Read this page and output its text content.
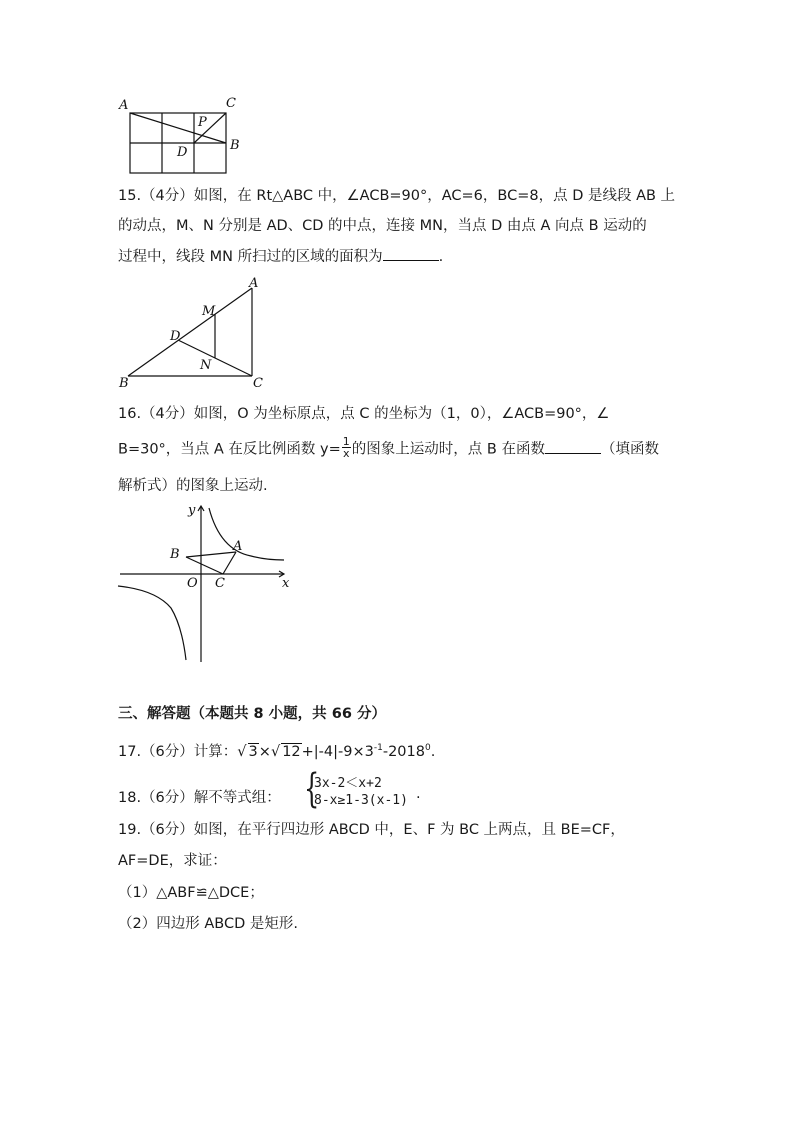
A	C
P
D	B
15.（4分）如图，在 Rt△ABC 中，∠ACB=90°，AC=6，BC=8，点 D 是线段 AB 上
的动点，M、N 分别是 AD、CD 的中点，连接 MN，当点 D 由点 A 向点 B 运动的
过程中，线段 MN 所扫过的区域的面积为	.
A
M
D
N
B	C
16.（4分）如图，O 为坐标原点，点 C 的坐标为（1，0），∠ACB=90°，∠
B=30°，当点 A 在反比例函数 $y= \frac{1}{x}$ 的图象上运动时，点 B 在函数	（填函数
解析式）的图象上运动.
y
x
O
A
B
C
三、解答题（本题共 8 小题，共 66 分）
17.（6分）计算：√ 3×√ $12+|-4|-9\times 3^{-1}-2018^0$.
18.（6分）解不等式组： {
3x-2＜x+2
8-x≥1-3(x-1) .
19.（6分）如图，在平行四边形 ABCD 中，E、F 为 BC 上两点，且 BE=CF，
AF=DE，求证：
（1）△ABF≌△DCE；
（2）四边形 ABCD 是矩形.
